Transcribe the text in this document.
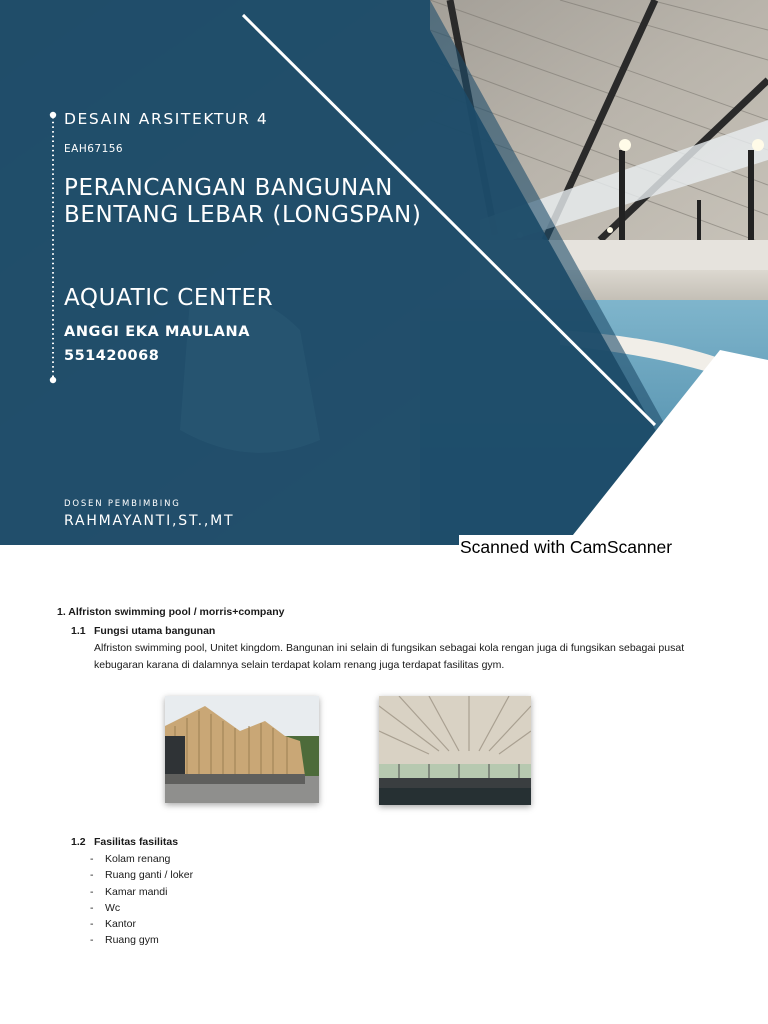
DESAIN ARSITEKTUR 4
EAH67156
PERANCANGAN BANGUNAN BENTANG LEBAR (LONGSPAN)
AQUATIC CENTER
ANGGI EKA MAULANA
551420068
DOSEN PEMBIMBING
RAHMAYANTI,ST.,MT
Scanned with CamScanner
1. Alfriston swimming pool / morris+company
1.1 Fungsi utama bangunan
Alfriston swimming pool, Unitet kingdom. Bangunan ini selain di fungsikan sebagai kola rengan juga di fungsikan sebagai pusat kebugaran karana di dalamnya selain terdapat kolam renang juga terdapat fasilitas gym.
1.2 Fasilitas fasilitas
- Kolam renang
- Ruang ganti / loker
- Kamar mandi
- Wc
- Kantor
- Ruang gym
